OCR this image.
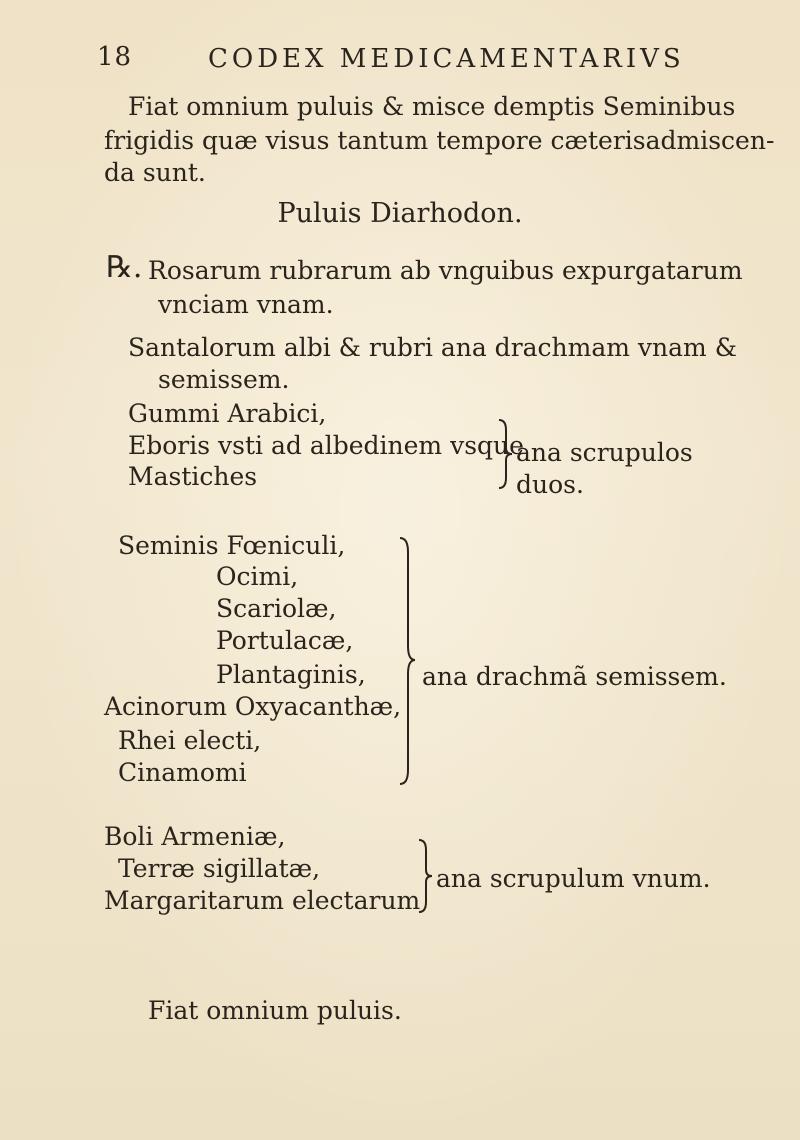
18	CODEX MEDICAMENTARIVS
Fiat omnium puluis & misce demptis Seminibus
frigidis quæ visus tantum tempore cæterisadmiscen-
da sunt.
Puluis Diarhodon.
℞. Rosarum rubrarum ab vnguibus expurgatarum
vnciam vnam.
Santalorum albi & rubri ana drachmam vnam &
semissem.
Gummi Arabici,
Eboris vsti ad albedinem vsque
Mastiches
ana scrupulos
duos.
Seminis Fœniculi,
Ocimi,
Scariolæ,
Portulacæ,
Plantaginis,
Acinorum Oxyacanthæ,
Rhei electi,
Cinamomi
ana drachmã semissem.
Boli Armeniæ,
Terræ sigillatæ,
Margaritarum electarum
ana scrupulum vnum.
Fiat omnium puluis.
